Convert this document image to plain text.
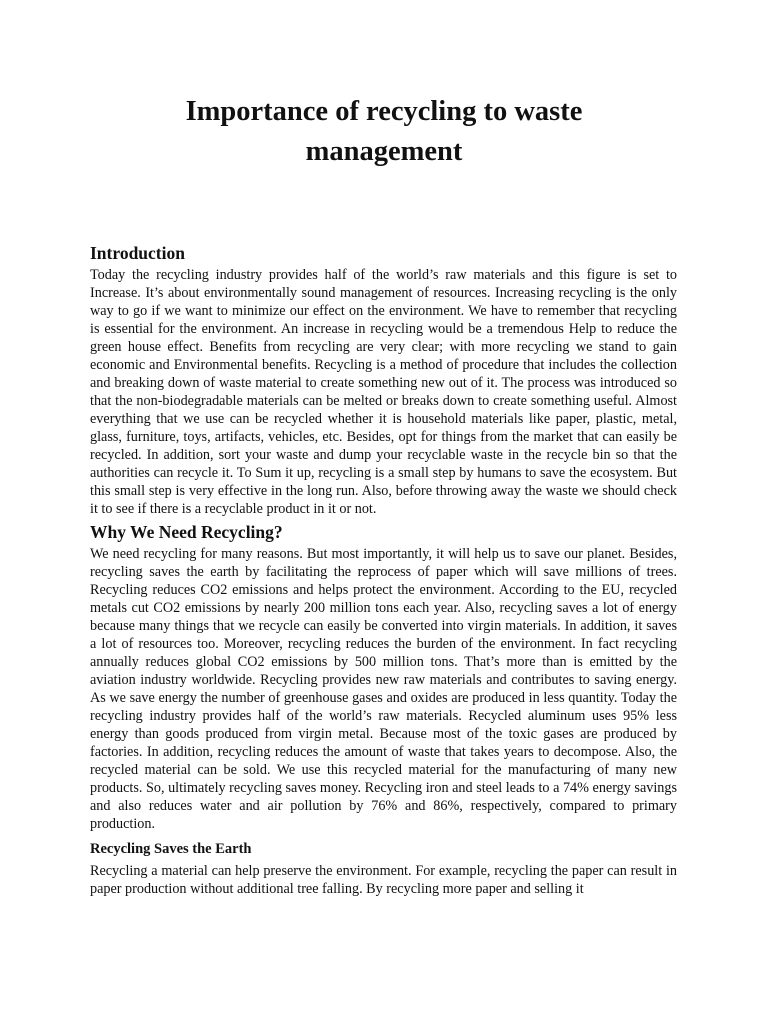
Importance of recycling to waste management
Introduction

Today the recycling industry provides half of the world’s raw materials and this figure is set to Increase. It’s about environmentally sound management of resources. Increasing recycling is the only way to go if we want to minimize our effect on the environment. We have to remember that recycling is essential for the environment. An increase in recycling would be a tremendous Help to reduce the green house effect. Benefits from recycling are very clear; with more recycling we stand to gain economic and Environmental benefits. Recycling is a method of procedure that includes the collection and breaking down of waste material to create something new out of it. The process was introduced so that the non-biodegradable materials can be melted or breaks down to create something useful. Almost everything that we use can be recycled whether it is household materials like paper, plastic, metal, glass, furniture, toys, artifacts, vehicles, etc. Besides, opt for things from the market that can easily be recycled. In addition, sort your waste and dump your recyclable waste in the recycle bin so that the authorities can recycle it. To Sum it up, recycling is a small step by humans to save the ecosystem. But this small step is very effective in the long run. Also, before throwing away the waste we should check it to see if there is a recyclable product in it or not.

Why We Need Recycling?

We need recycling for many reasons. But most importantly, it will help us to save our planet. Besides, recycling saves the earth by facilitating the reprocess of paper which will save millions of trees. Recycling reduces CO2 emissions and helps protect the environment. According to the EU, recycled metals cut CO2 emissions by nearly 200 million tons each year. Also, recycling saves a lot of energy because many things that we recycle can easily be converted into virgin materials. In addition, it saves a lot of resources too. Moreover, recycling reduces the burden of the environment. In fact recycling annually reduces global CO2 emissions by 500 million tons. That’s more than is emitted by the aviation industry worldwide. Recycling provides new raw materials and contributes to saving energy. As we save energy the number of greenhouse gases and oxides are produced in less quantity. Today the recycling industry provides half of the world’s raw materials. Recycled aluminum uses 95% less energy than goods produced from virgin metal. Because most of the toxic gases are produced by factories. In addition, recycling reduces the amount of waste that takes years to decompose. Also, the recycled material can be sold. We use this recycled material for the manufacturing of many new products. So, ultimately recycling saves money. Recycling iron and steel leads to a 74% energy savings and also reduces water and air pollution by 76% and 86%, respectively, compared to primary production.

Recycling Saves the Earth

Recycling a material can help preserve the environment. For example, recycling the paper can result in paper production without additional tree falling. By recycling more paper and selling it
